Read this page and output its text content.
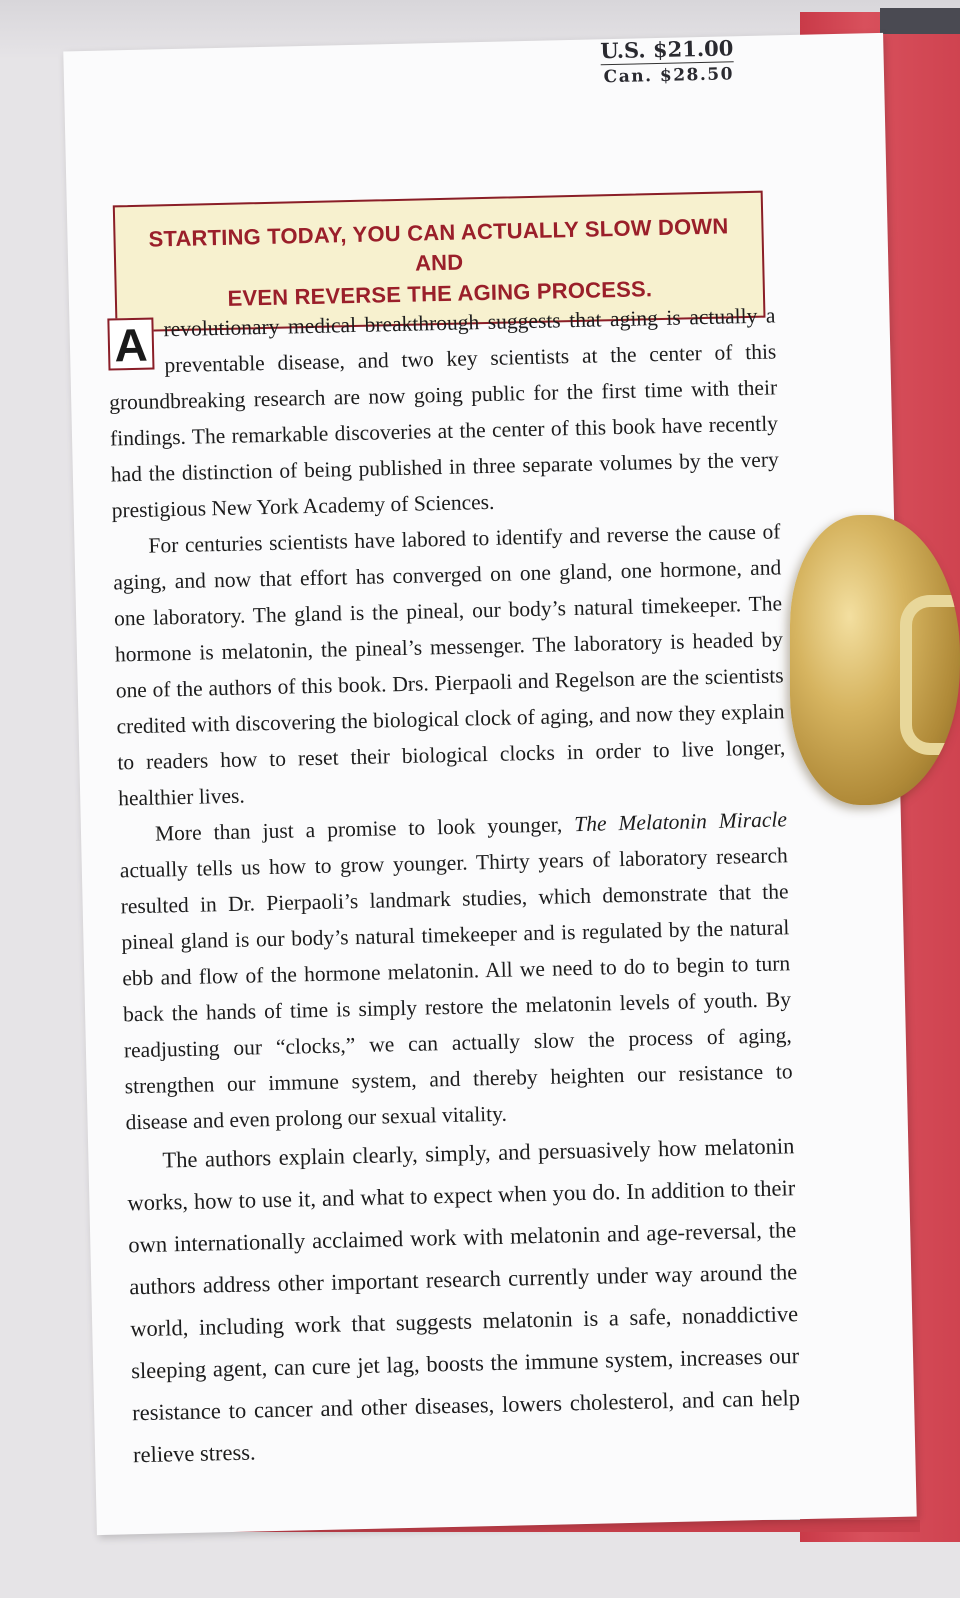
U.S. $21.00
Can. $28.50
STARTING TODAY, YOU CAN ACTUALLY SLOW DOWN AND
EVEN REVERSE THE AGING PROCESS.

A revolutionary medical breakthrough suggests that aging is actually a preventable disease, and two key scientists at the center of this groundbreaking research are now going public for the first time with their findings. The remarkable discoveries at the center of this book have recently had the distinction of being published in three separate volumes by the very prestigious New York Academy of Sciences.

For centuries scientists have labored to identify and reverse the cause of aging, and now that effort has converged on one gland, one hormone, and one laboratory. The gland is the pineal, our body’s natural timekeeper. The hormone is melatonin, the pineal’s messenger. The laboratory is headed by one of the authors of this book. Drs. Pierpaoli and Regelson are the scientists credited with discovering the biological clock of aging, and now they explain to readers how to reset their biological clocks in order to live longer, healthier lives.

More than just a promise to look younger, The Melatonin Miracle actually tells us how to grow younger. Thirty years of laboratory research resulted in Dr. Pierpaoli’s landmark studies, which demonstrate that the pineal gland is our body’s natural timekeeper and is regulated by the natural ebb and flow of the hormone melatonin. All we need to do to begin to turn back the hands of time is simply restore the melatonin levels of youth. By readjusting our “clocks,” we can actually slow the process of aging, strengthen our immune system, and thereby heighten our resistance to disease and even prolong our sexual vitality.

The authors explain clearly, simply, and persuasively how melatonin works, how to use it, and what to expect when you do. In addition to their own internationally acclaimed work with melatonin and age-reversal, the authors address other important research currently under way around the world, including work that suggests melatonin is a safe, nonaddictive sleeping agent, can cure jet lag, boosts the immune system, increases our resistance to cancer and other diseases, lowers cholesterol, and can help relieve stress.
